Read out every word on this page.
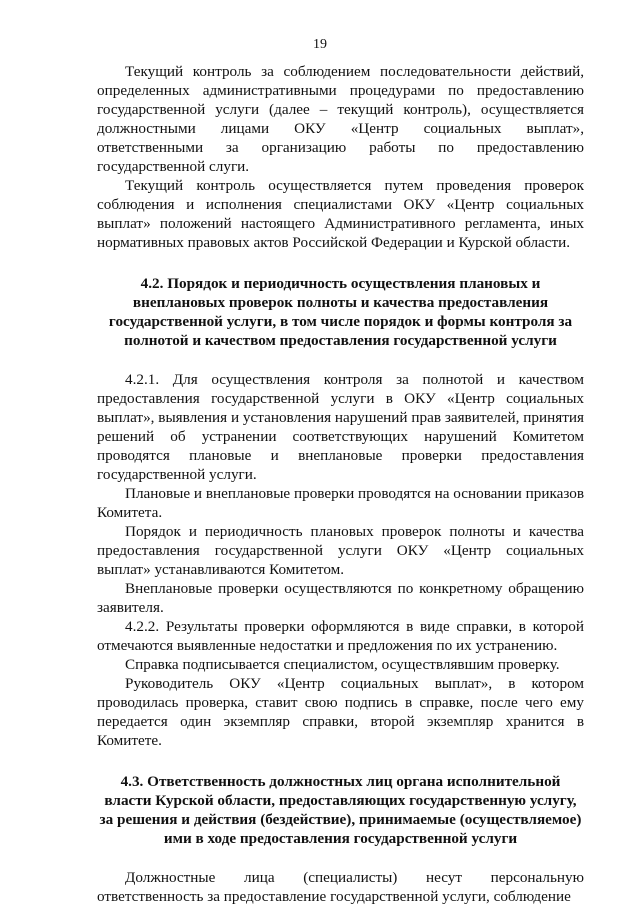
19

Текущий контроль за соблюдением последовательности действий, определенных административными процедурами по предоставлению государственной услуги (далее – текущий контроль), осуществляется должностными лицами ОКУ «Центр социальных выплат», ответственными за организацию работы по предоставлению государственной слуги.

Текущий контроль осуществляется путем проведения проверок соблюдения и исполнения специалистами ОКУ «Центр социальных выплат» положений настоящего Административного регламента, иных нормативных правовых актов Российской Федерации и Курской области.

4.2. Порядок и периодичность осуществления плановых и внеплановых проверок полноты и качества предоставления государственной услуги, в том числе порядок и формы контроля за полнотой и качеством предоставления государственной услуги

4.2.1. Для осуществления контроля за полнотой и качеством предоставления государственной услуги в ОКУ «Центр социальных выплат», выявления и установления нарушений прав заявителей, принятия решений об устранении соответствующих нарушений Комитетом проводятся плановые и внеплановые проверки предоставления государственной услуги.

Плановые и внеплановые проверки проводятся на основании приказов Комитета.

Порядок и периодичность плановых проверок полноты и качества предоставления государственной услуги ОКУ «Центр социальных выплат» устанавливаются Комитетом.

Внеплановые проверки осуществляются по конкретному обращению заявителя.

4.2.2. Результаты проверки оформляются в виде справки, в которой отмечаются выявленные недостатки и предложения по их устранению.

Справка подписывается специалистом, осуществлявшим проверку.

Руководитель ОКУ «Центр социальных выплат», в котором проводилась проверка, ставит свою подпись в справке, после чего ему передается один экземпляр справки, второй экземпляр хранится в Комитете.

4.3. Ответственность должностных лиц органа исполнительной власти Курской области, предоставляющих государственную услугу, за решения и действия (бездействие), принимаемые (осуществляемое) ими в ходе предоставления государственной услуги

Должностные лица (специалисты) несут персональную ответственность за предоставление государственной услуги, соблюдение
